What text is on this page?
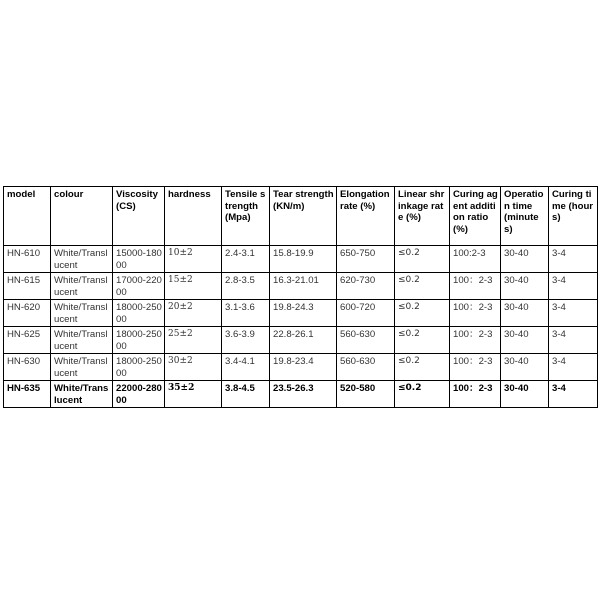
model	colour	Viscosity (CS)	hardness	Tensile strength (Mpa)	Tear strength (KN/m)	Elongation rate (%)	Linear shrinkage rate (%)	Curing agent addition ratio (%)	Operation time (minutes)	Curing time (hours)
HN-610	White/Translucent	15000-18000	10±2	2.4-3.1	15.8-19.9	650-750	≤0.2	100:2-3	30-40	3-4
HN-615	White/Translucent	17000-22000	15±2	2.8-3.5	16.3-21.01	620-730	≤0.2	100：2-3	30-40	3-4
HN-620	White/Translucent	18000-25000	20±2	3.1-3.6	19.8-24.3	600-720	≤0.2	100：2-3	30-40	3-4
HN-625	White/Translucent	18000-25000	25±2	3.6-3.9	22.8-26.1	560-630	≤0.2	100：2-3	30-40	3-4
HN-630	White/Translucent	18000-25000	30±2	3.4-4.1	19.8-23.4	560-630	≤0.2	100：2-3	30-40	3-4
HN-635	White/Translucent	22000-28000	35±2	3.8-4.5	23.5-26.3	520-580	≤0.2	100：2-3	30-40	3-4
